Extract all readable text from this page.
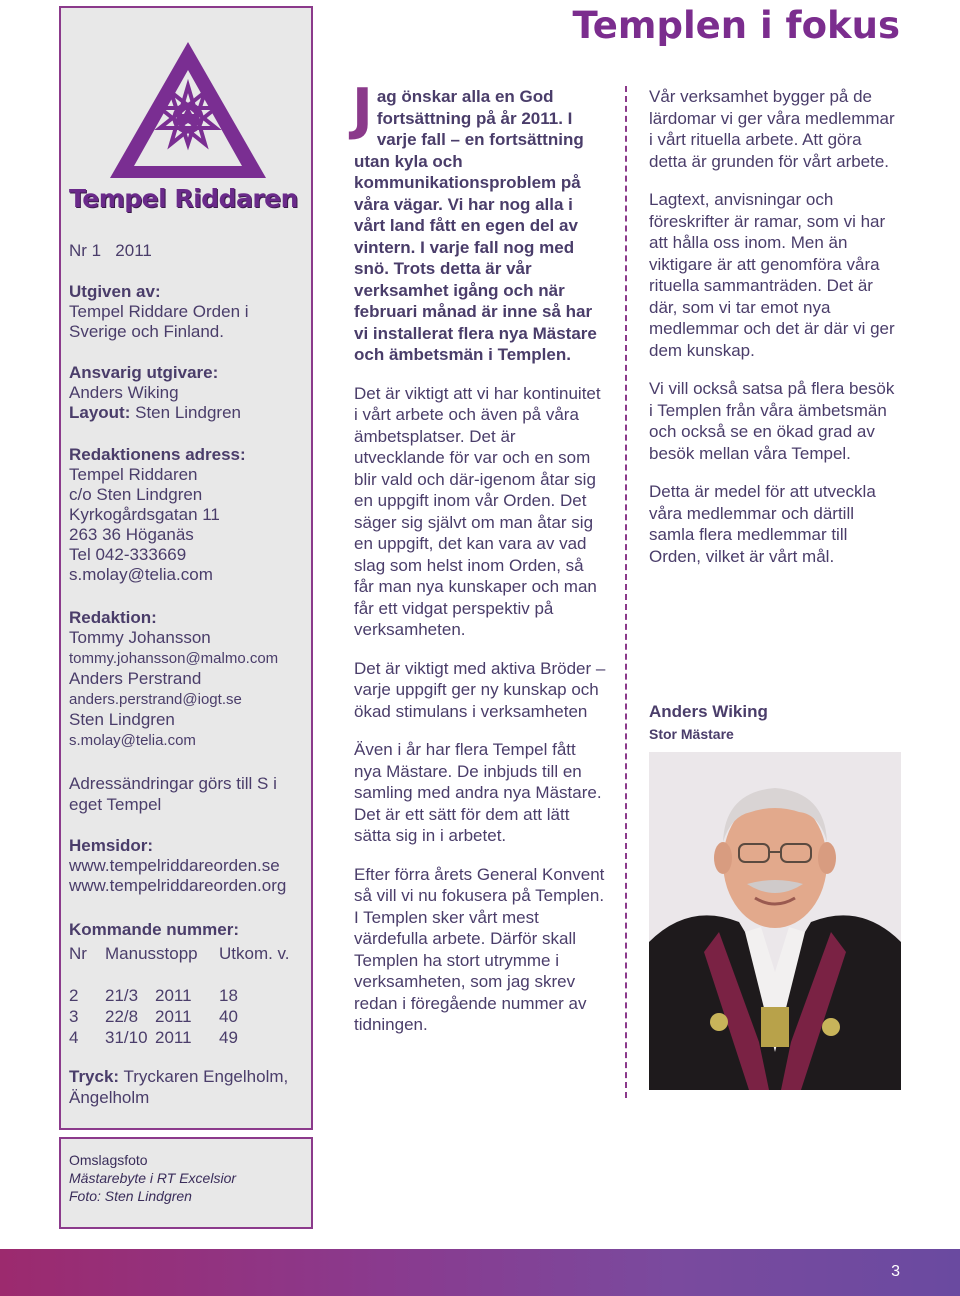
Templen i fokus
Tempel Riddaren
Nr 1 2011
Utgiven av:
Tempel Riddare Orden i
Sverige och Finland.
Ansvarig utgivare:
Anders Wiking
Layout: Sten Lindgren
Redaktionens adress:
Tempel Riddaren
c/o Sten Lindgren
Kyrkogårdsgatan 11
263 36 Höganäs
Tel 042-333669
s.molay@telia.com
Redaktion:
Tommy Johansson
tommy.johansson@malmo.com
Anders Perstrand
anders.perstrand@iogt.se
Sten Lindgren
s.molay@telia.com
Adressändringar görs till S i eget Tempel
Hemsidor:
www.tempelriddareorden.se
www.tempelriddareorden.org
Kommande nummer:
Nr	Manusstopp		Utkom. v.

2	21/3	2011	18
3	22/8	2011	40
4	31/10	2011	49
Tryck: Tryckaren Engelholm, Ängelholm
Omslagsfoto
Mästarebyte i RT Excelsior
Foto: Sten Lindgren

Jag önskar alla en God fortsättning på år 2011. I varje fall – en fortsättning utan kyla och kommunikationsproblem på våra vägar. Vi har nog alla i vårt land fått en egen del av vintern. I varje fall nog med snö. Trots detta är vår verksamhet igång och när februari månad är inne så har vi installerat flera nya Mästare och ämbetsmän i Templen.

Det är viktigt att vi har kontinuitet i vårt arbete och även på våra ämbetsplatser. Det är utvecklande för var och en som blir vald och där-igenom åtar sig en uppgift inom vår Orden. Det säger sig självt om man åtar sig en uppgift, det kan vara av vad slag som helst inom Orden, så får man nya kunskaper och man får ett vidgat perspektiv på verksamheten.

Det är viktigt med aktiva Bröder – varje uppgift ger ny kunskap och ökad stimulans i verksamheten

Även i år har flera Tempel fått nya Mästare. De inbjuds till en samling med andra nya Mästare. Det är ett sätt för dem att lätt sätta sig in i arbetet.

Efter förra årets General Konvent så vill vi nu fokusera på Templen. I Templen sker vårt mest värdefulla arbete. Därför skall Templen ha stort utrymme i verksamheten, som jag skrev redan i föregående nummer av tidningen.

Vår verksamhet bygger på de lärdomar vi ger våra medlemmar i vårt rituella arbete. Att göra detta är grunden för vårt arbete.

Lagtext, anvisningar och föreskrifter är ramar, som vi har att hålla oss inom. Men än viktigare är att genomföra våra rituella sammanträden. Det är där, som vi tar emot nya medlemmar och det är där vi ger dem kunskap.

Vi vill också satsa på flera besök i Templen från våra ämbetsmän och också se en ökad grad av besök mellan våra Tempel.

Detta är medel för att utveckla våra medlemmar och därtill samla flera medlemmar till Orden, vilket är vårt mål.

Anders Wiking
Stor Mästare
3
